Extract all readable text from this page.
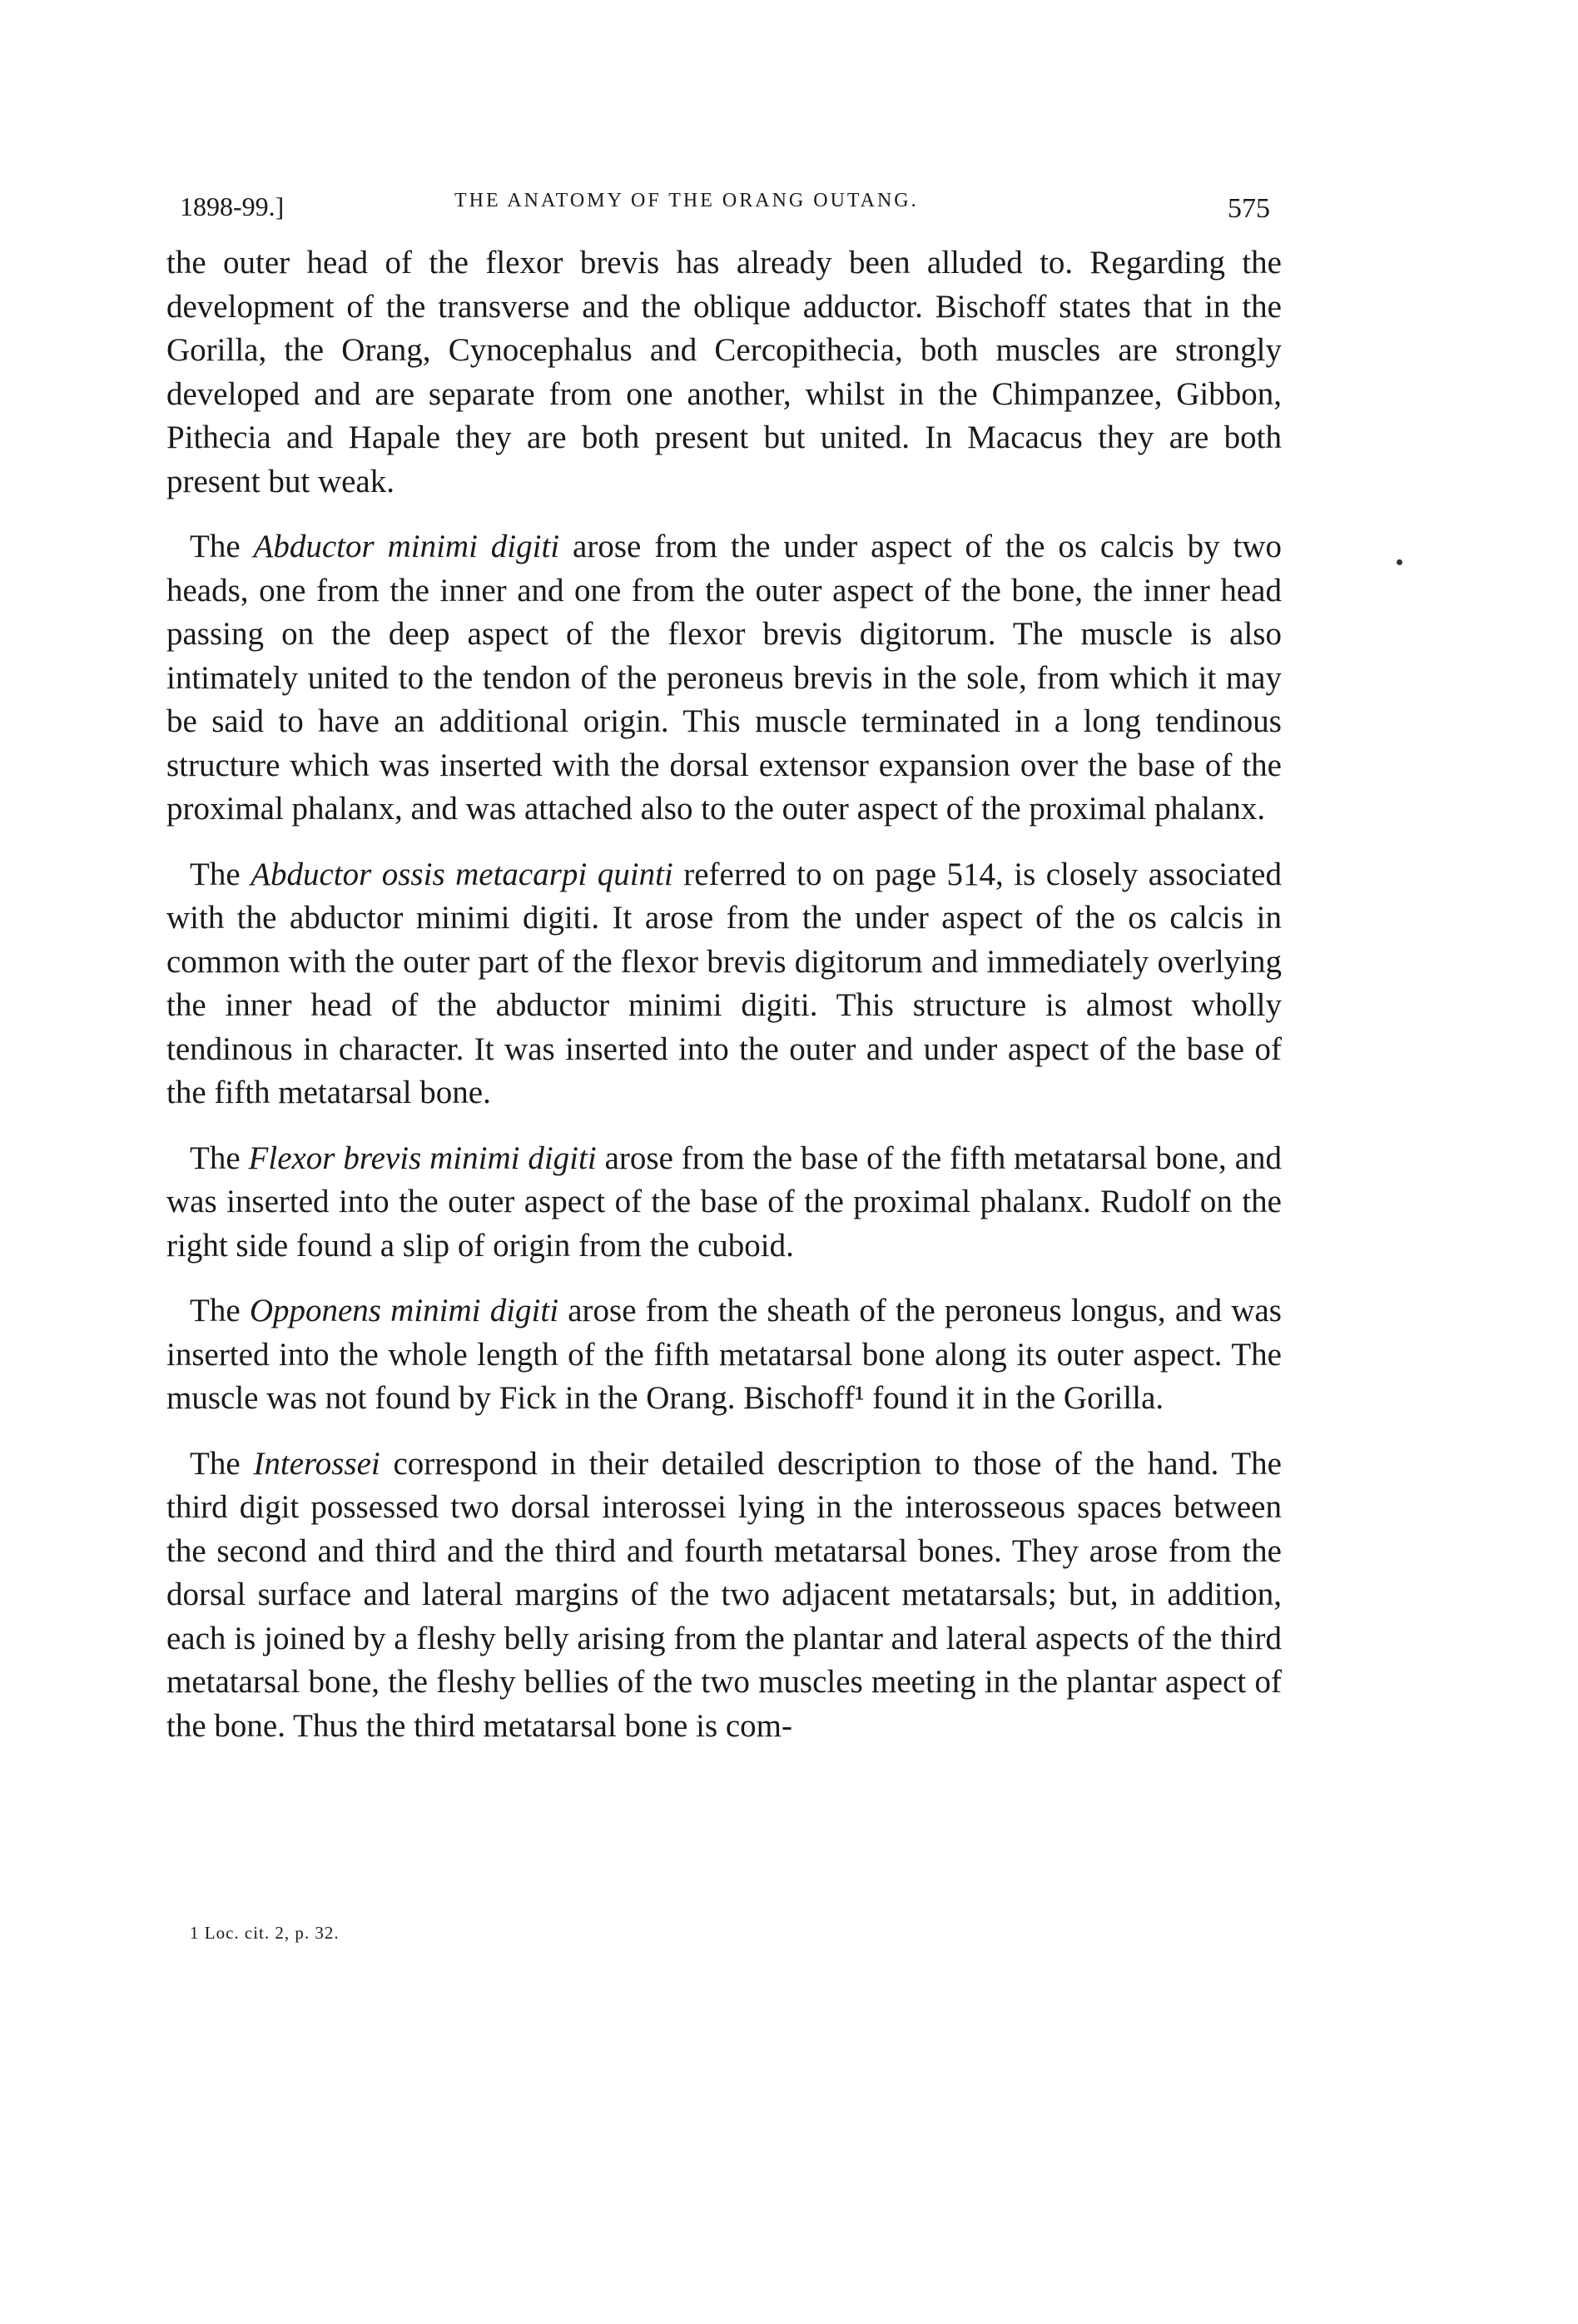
1898-99.]	THE ANATOMY OF THE ORANG OUTANG.	575

the outer head of the flexor brevis has already been alluded to. Regarding the development of the transverse and the oblique adductor. Bischoff states that in the Gorilla, the Orang, Cynocephalus and Cercopithecia, both muscles are strongly developed and are separate from one another, whilst in the Chimpanzee, Gibbon, Pithecia and Hapale they are both present but united. In Macacus they are both present but weak.

The Abductor minimi digiti arose from the under aspect of the os calcis by two heads, one from the inner and one from the outer aspect of the bone, the inner head passing on the deep aspect of the flexor brevis digitorum. The muscle is also intimately united to the tendon of the peroneus brevis in the sole, from which it may be said to have an additional origin. This muscle terminated in a long tendinous structure which was inserted with the dorsal extensor expansion over the base of the proximal phalanx, and was attached also to the outer aspect of the proximal phalanx.

The Abductor ossis metacarpi quinti referred to on page 514, is closely associated with the abductor minimi digiti. It arose from the under aspect of the os calcis in common with the outer part of the flexor brevis digitorum and immediately overlying the inner head of the abductor minimi digiti. This structure is almost wholly tendinous in character. It was inserted into the outer and under aspect of the base of the fifth metatarsal bone.

The Flexor brevis minimi digiti arose from the base of the fifth metatarsal bone, and was inserted into the outer aspect of the base of the proximal phalanx. Rudolf on the right side found a slip of origin from the cuboid.

The Opponens minimi digiti arose from the sheath of the peroneus longus, and was inserted into the whole length of the fifth metatarsal bone along its outer aspect. The muscle was not found by Fick in the Orang. Bischoff¹ found it in the Gorilla.

The Interossei correspond in their detailed description to those of the hand. The third digit possessed two dorsal interossei lying in the interosseous spaces between the second and third and the third and fourth metatarsal bones. They arose from the dorsal surface and lateral margins of the two adjacent metatarsals; but, in addition, each is joined by a fleshy belly arising from the plantar and lateral aspects of the third metatarsal bone, the fleshy bellies of the two muscles meeting in the plantar aspect of the bone. Thus the third metatarsal bone is com-

1 Loc. cit. 2, p. 32.
